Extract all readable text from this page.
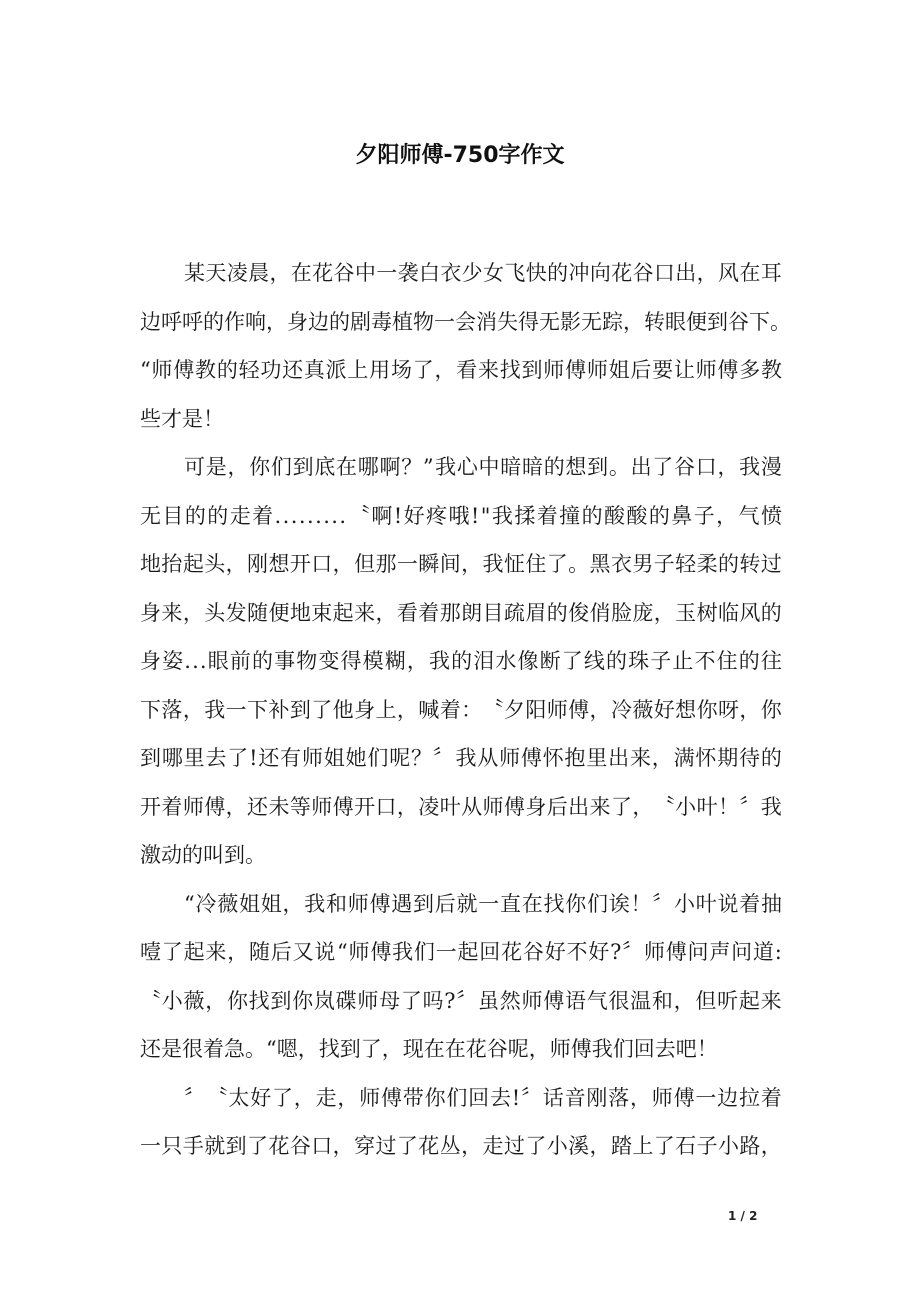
夕阳师傅-750字作文
某 天 凌 晨 ， 在 花 谷 中 一 袭 白 衣 少 女 飞 快 的 冲 向 花 谷 口 出 ， 风 在 耳
边 呼 呼 的 作 响 ， 身 边 的 剧 毒 植 物 一 会 消 失 得 无 影 无 踪 ， 转 眼 便 到 谷 下 。
“ 师 傅 教 的 轻 功 还 真 派 上 用 场 了 ， 看 来 找 到 师 傅 师 姐 后 要 让 师 傅 多 教
些才是！
可 是 ， 你 们 到 底 在 哪 啊 ？ ” 我 心 中 暗 暗 的 想 到 。 出 了 谷 口 ， 我 漫
无 目 的 的 走 着 . . . . . . . . . 〝 啊 ! 好 疼 哦 ! " 我 揉 着 撞 的 酸 酸 的 鼻 子 ， 气 愤
地 抬 起 头 ， 刚 想 开 口 ， 但 那 一 瞬 间 ， 我 怔 住 了 。 黑 衣 男 子 轻 柔 的 转 过
身 来 ， 头 发 随 便 地 束 起 来 ， 看 着 那 朗 目 疏 眉 的 俊 俏 脸 庞 ， 玉 树 临 风 的
身 姿 . . . 眼 前 的 事 物 变 得 模 糊 ， 我 的 泪 水 像 断 了 线 的 珠 子 止 不 住 的 往
下 落 ， 我 一 下 补 到 了 他 身 上 ， 喊 着 ： 〝 夕 阳 师 傅 ， 冷 薇 好 想 你 呀 ， 你
到 哪 里 去 了 ! 还 有 师 姐 她 们 呢 ？ 〞 我 从 师 傅 怀 抱 里 出 来 ， 满 怀 期 待 的
开 着 师 傅 ， 还 未 等 师 傅 开 口 ， 凌 叶 从 师 傅 身 后 出 来 了 ， 〝 小 叶 ！ 〞 我
激动的叫到。
“ 冷 薇 姐 姐 ， 我 和 师 傅 遇 到 后 就 一 直 在 找 你 们 诶 ！ 〞 小 叶 说 着 抽
噎 了 起 来 ， 随 后 又 说 “ 师 傅 我 们 一 起 回 花 谷 好 不 好 ? 〞 师 傅 问 声 问 道 :
〝 小 薇 ， 你 找 到 你 岚 碟 师 母 了 吗 ? 〞 虽 然 师 傅 语 气 很 温 和 ， 但 听 起 来
还是很着急。“嗯，找到了，现在在花谷呢，师傅我们回去吧！
〞 〝 太 好 了 ， 走 ， 师 傅 带 你 们 回 去 ! 〞 话 音 刚 落 ， 师 傅 一 边 拉 着
一 只 手 就 到 了 花 谷 口 ， 穿 过 了 花 丛 ， 走 过 了 小 溪 ， 踏 上 了 石 子 小 路 ，
1 / 2
